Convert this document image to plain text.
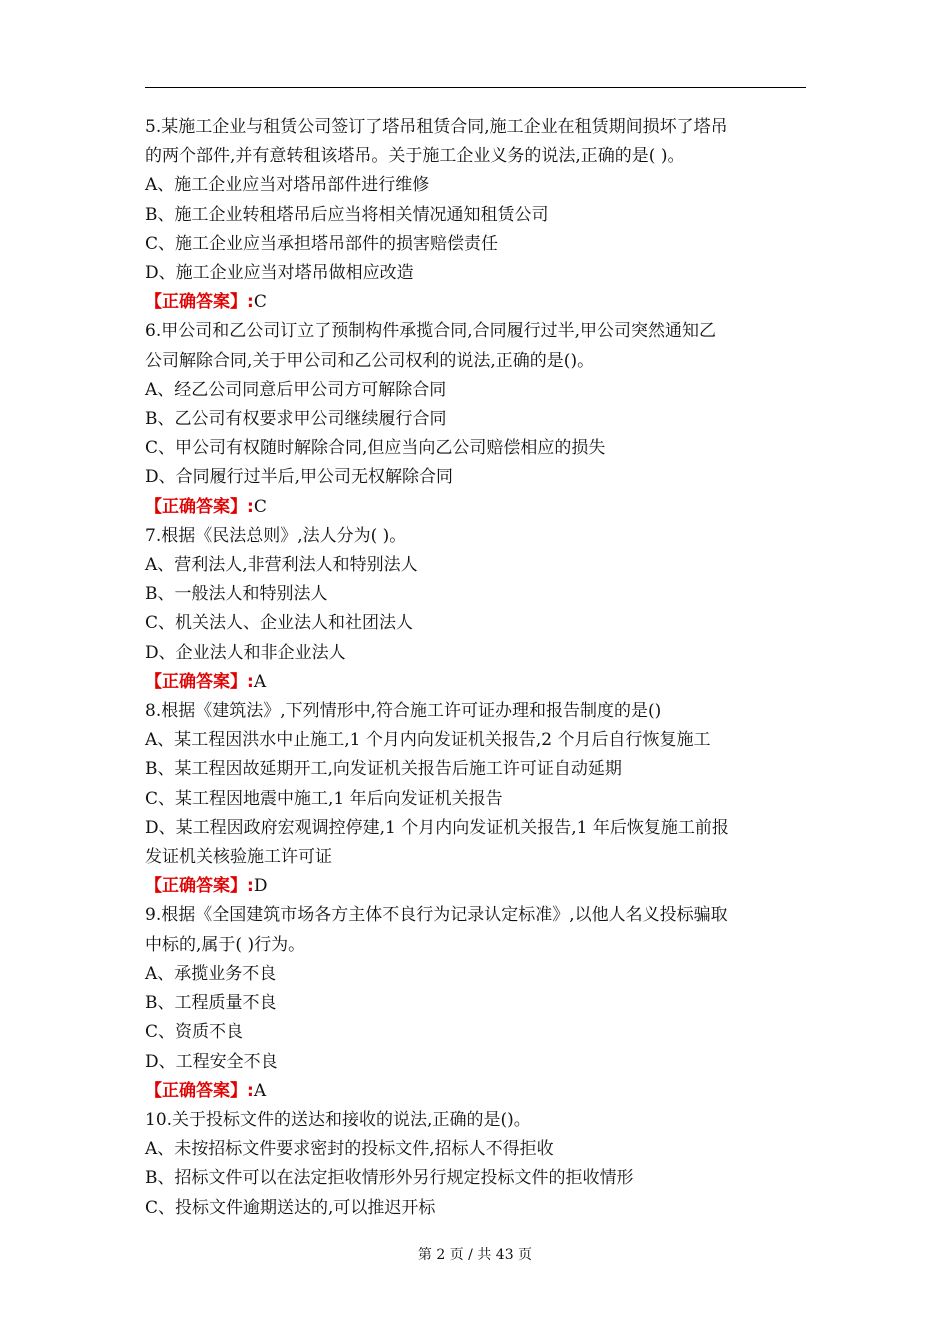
5.某施工企业与租赁公司签订了塔吊租赁合同,施工企业在租赁期间损坏了塔吊
的两个部件,并有意转租该塔吊。关于施工企业义务的说法,正确的是( )。
A、施工企业应当对塔吊部件进行维修
B、施工企业转租塔吊后应当将相关情况通知租赁公司
C、施工企业应当承担塔吊部件的损害赔偿责任
D、施工企业应当对塔吊做相应改造
【正确答案】:C
6.甲公司和乙公司订立了预制构件承揽合同,合同履行过半,甲公司突然通知乙
公司解除合同,关于甲公司和乙公司权利的说法,正确的是()。
A、经乙公司同意后甲公司方可解除合同
B、乙公司有权要求甲公司继续履行合同
C、甲公司有权随时解除合同,但应当向乙公司赔偿相应的损失
D、合同履行过半后,甲公司无权解除合同
【正确答案】:C
7.根据《民法总则》,法人分为( )。
A、营利法人,非营利法人和特别法人
B、一般法人和特别法人
C、机关法人、企业法人和社团法人
D、企业法人和非企业法人
【正确答案】:A
8.根据《建筑法》,下列情形中,符合施工许可证办理和报告制度的是()
A、某工程因洪水中止施工,1 个月内向发证机关报告,2 个月后自行恢复施工
B、某工程因故延期开工,向发证机关报告后施工许可证自动延期
C、某工程因地震中施工,1 年后向发证机关报告
D、某工程因政府宏观调控停建,1 个月内向发证机关报告,1 年后恢复施工前报
发证机关核验施工许可证
【正确答案】:D
9.根据《全国建筑市场各方主体不良行为记录认定标准》,以他人名义投标骗取
中标的,属于( )行为。
A、承揽业务不良
B、工程质量不良
C、资质不良
D、工程安全不良
【正确答案】:A
10.关于投标文件的送达和接收的说法,正确的是()。
A、未按招标文件要求密封的投标文件,招标人不得拒收
B、招标文件可以在法定拒收情形外另行规定投标文件的拒收情形
C、投标文件逾期送达的,可以推迟开标
第 2 页 / 共 43 页
